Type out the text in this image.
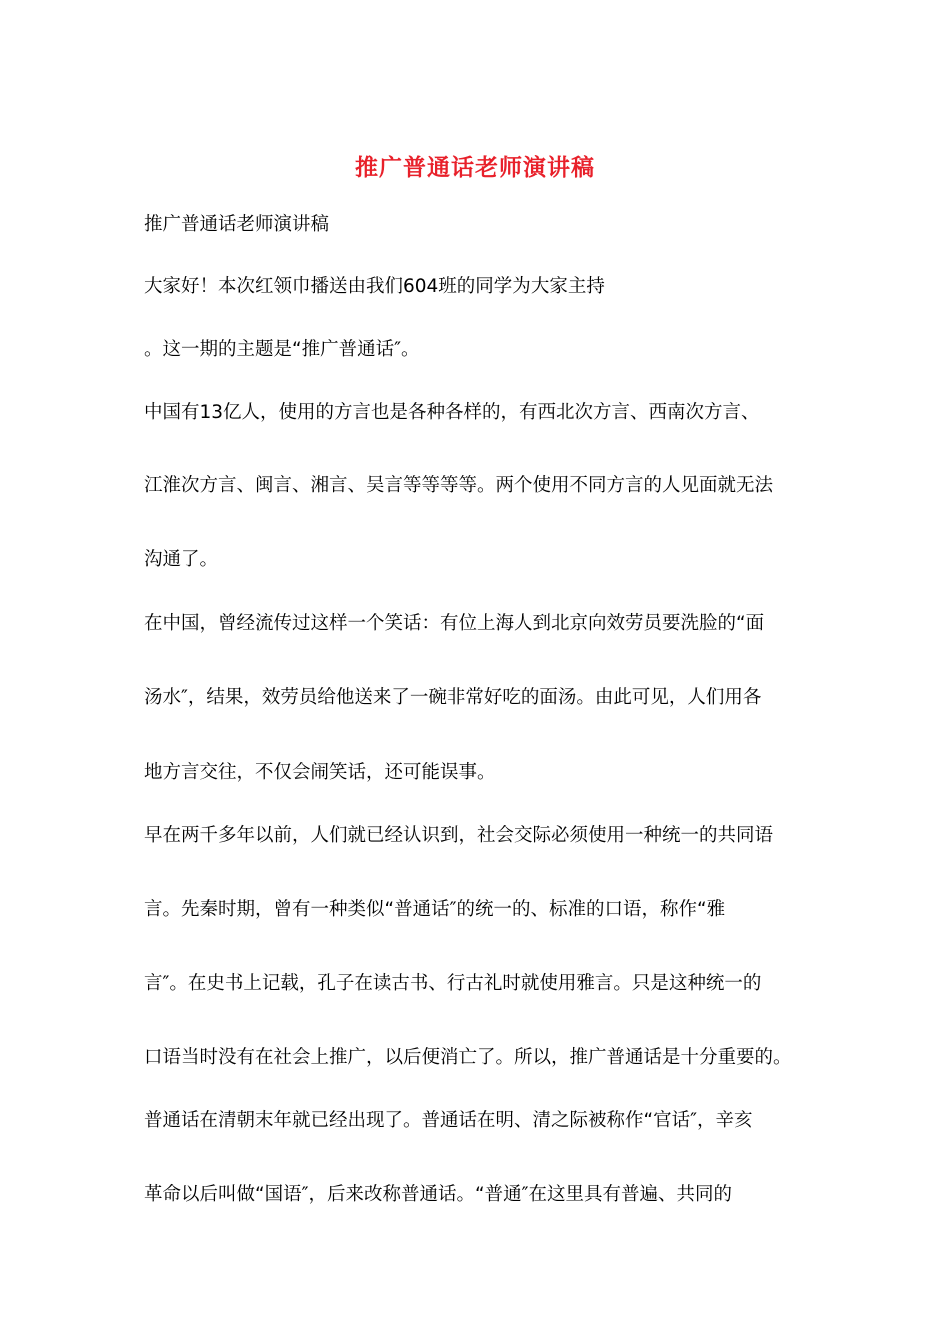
推广普通话老师演讲稿
推广普通话老师演讲稿
大家好！本次红领巾播送由我们604班的同学为大家主持
。这一期的主题是“推广普通话″。
中国有13亿人，使用的方言也是各种各样的，有西北次方言、西南次方言、
江淮次方言、闽言、湘言、吴言等等等等。两个使用不同方言的人见面就无法
沟通了。
在中国，曾经流传过这样一个笑话：有位上海人到北京向效劳员要洗脸的“面
汤水″，结果，效劳员给他送来了一碗非常好吃的面汤。由此可见，人们用各
地方言交往，不仅会闹笑话，还可能误事。
早在两千多年以前，人们就已经认识到，社会交际必须使用一种统一的共同语
言。先秦时期，曾有一种类似“普通话″的统一的、标准的口语，称作“雅
言″。在史书上记载，孔子在读古书、行古礼时就使用雅言。只是这种统一的
口语当时没有在社会上推广，以后便消亡了。所以，推广普通话是十分重要的。
普通话在清朝末年就已经出现了。普通话在明、清之际被称作“官话″，辛亥
革命以后叫做“国语″，后来改称普通话。“普通″在这里具有普遍、共同的
